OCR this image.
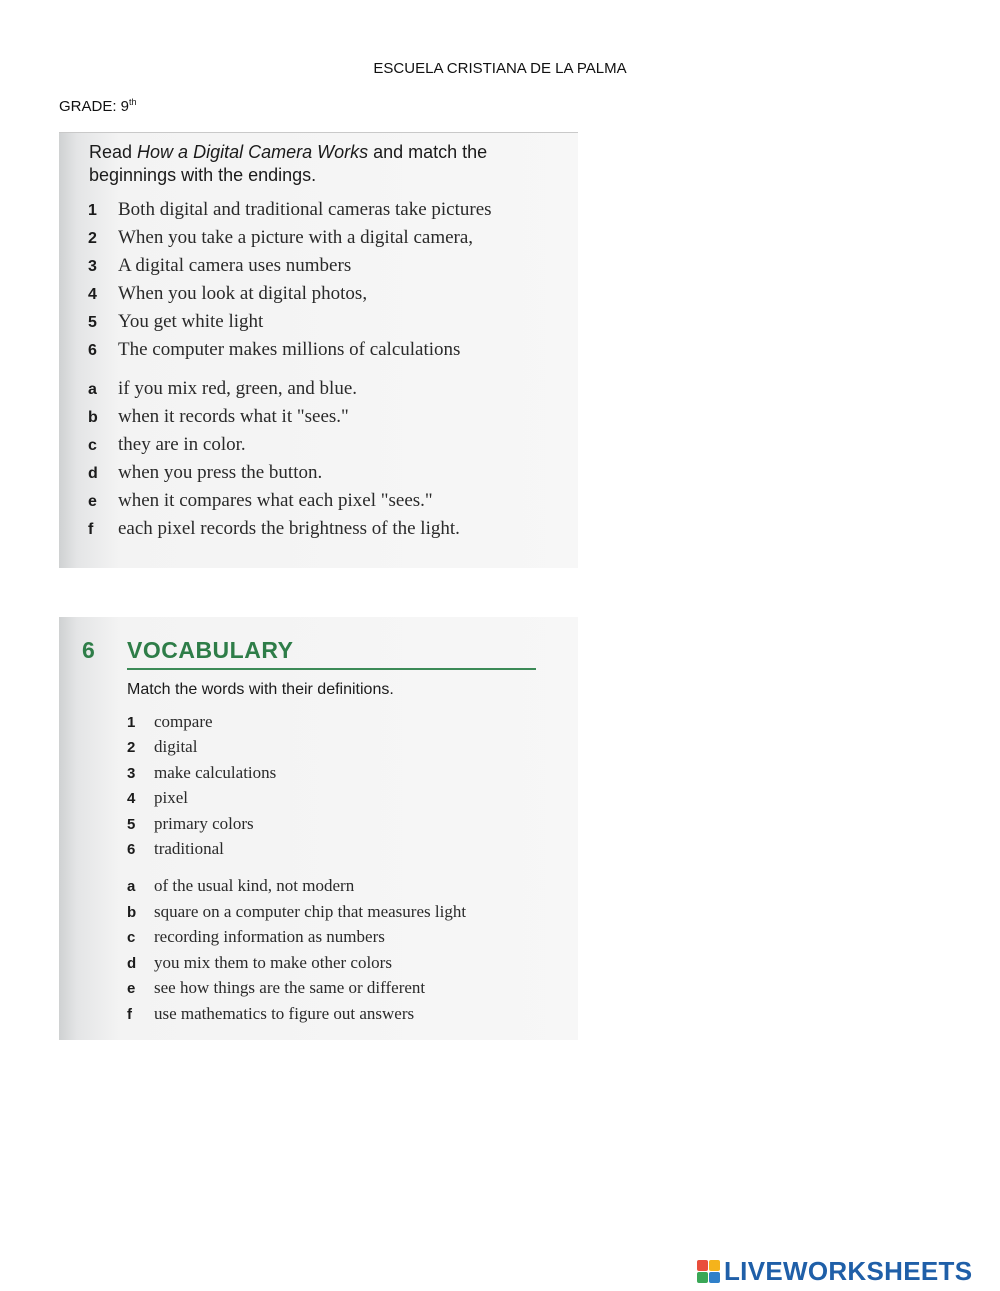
ESCUELA CRISTIANA DE LA PALMA
GRADE: 9th
Read How a Digital Camera Works and match the beginnings with the endings.
1	Both digital and traditional cameras take pictures
2	When you take a picture with a digital camera,
3	A digital camera uses numbers
4	When you look at digital photos,
5	You get white light
6	The computer makes millions of calculations
a	if you mix red, green, and blue.
b	when it records what it "sees."
c	they are in color.
d	when you press the button.
e	when it compares what each pixel "sees."
f	each pixel records the brightness of the light.
6 VOCABULARY
Match the words with their definitions.
1	compare
2	digital
3	make calculations
4	pixel
5	primary colors
6	traditional
a	of the usual kind, not modern
b	square on a computer chip that measures light
c	recording information as numbers
d	you mix them to make other colors
e	see how things are the same or different
f	use mathematics to figure out answers
LIVEWORKSHEETS
